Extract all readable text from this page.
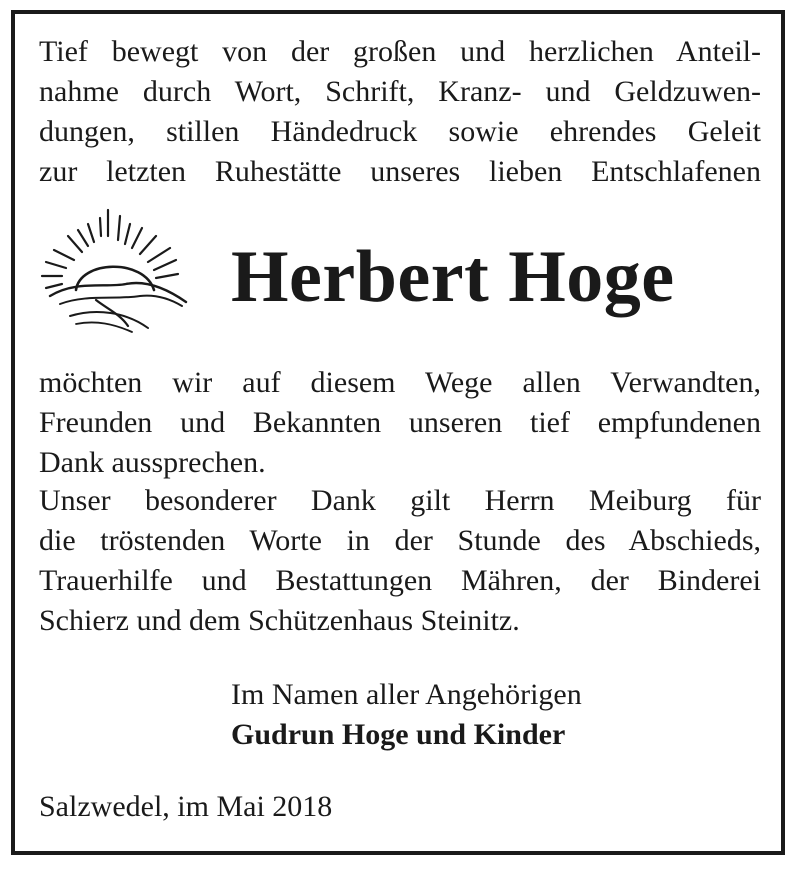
Tief bewegt von der großen und herzlichen Anteil-
nahme durch Wort, Schrift, Kranz- und Geldzuwen-
dungen, stillen Händedruck sowie ehrendes Geleit
zur letzten Ruhestätte unseres lieben Entschlafenen
Herbert Hoge
möchten wir auf diesem Wege allen Verwandten,
Freunden und Bekannten unseren tief empfundenen
Dank aussprechen.
Unser besonderer Dank gilt Herrn Meiburg für
die tröstenden Worte in der Stunde des Abschieds,
Trauerhilfe und Bestattungen Mähren, der Binderei
Schierz und dem Schützenhaus Steinitz.
Im Namen aller Angehörigen
Gudrun Hoge und Kinder
Salzwedel, im Mai 2018
